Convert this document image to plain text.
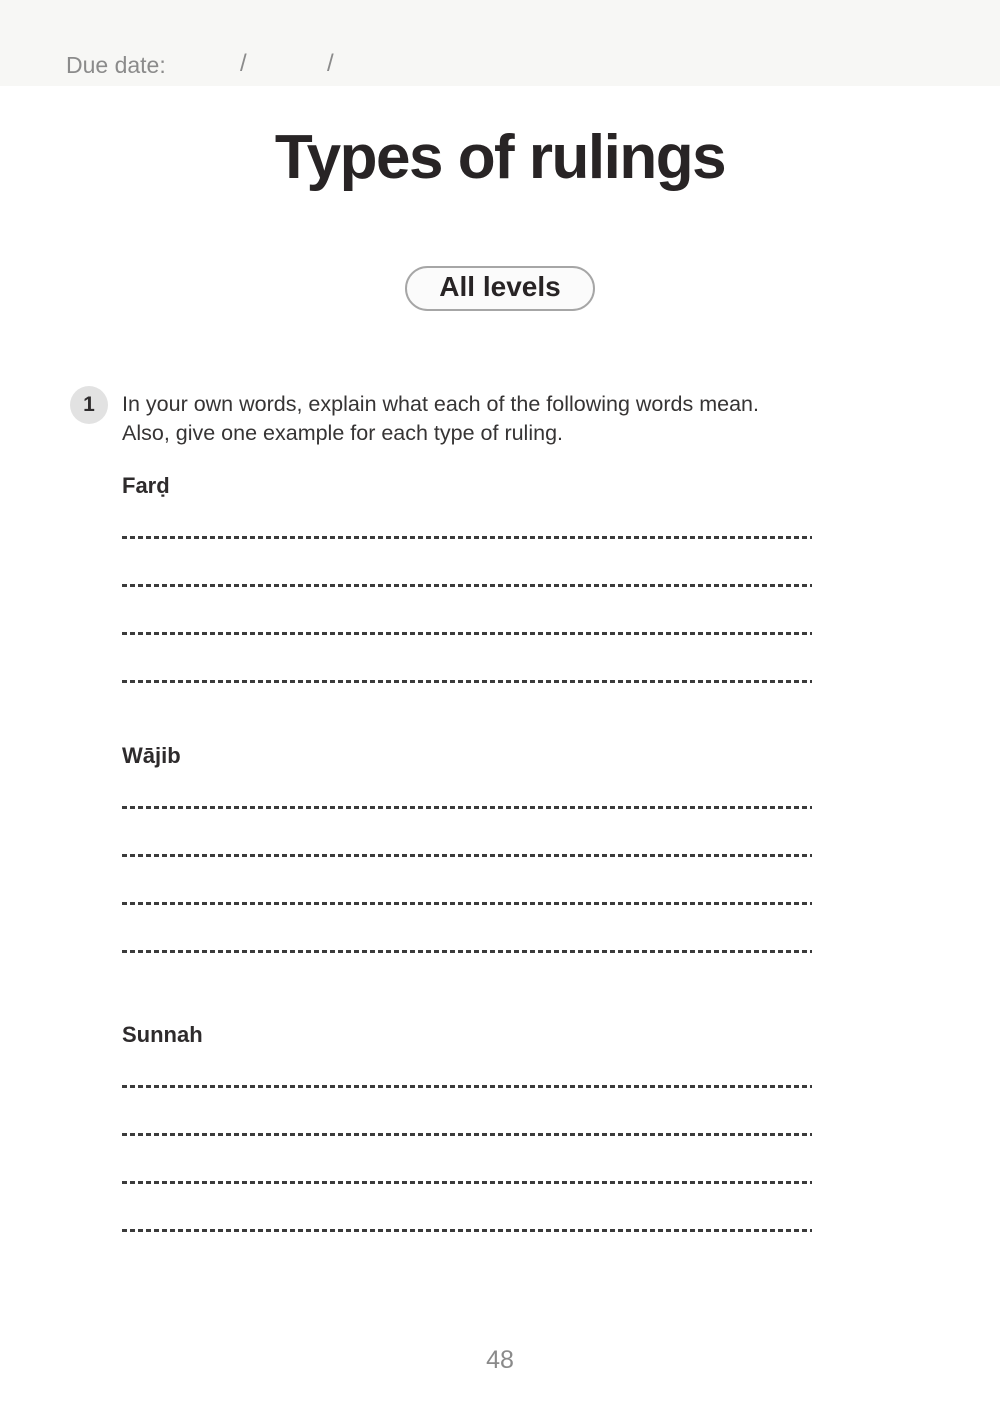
Due date:	/	/
Types of rulings
All levels
1 In your own words, explain what each of the following words mean.
Also, give one example for each type of ruling.
Farḍ
Wājib
Sunnah
48
